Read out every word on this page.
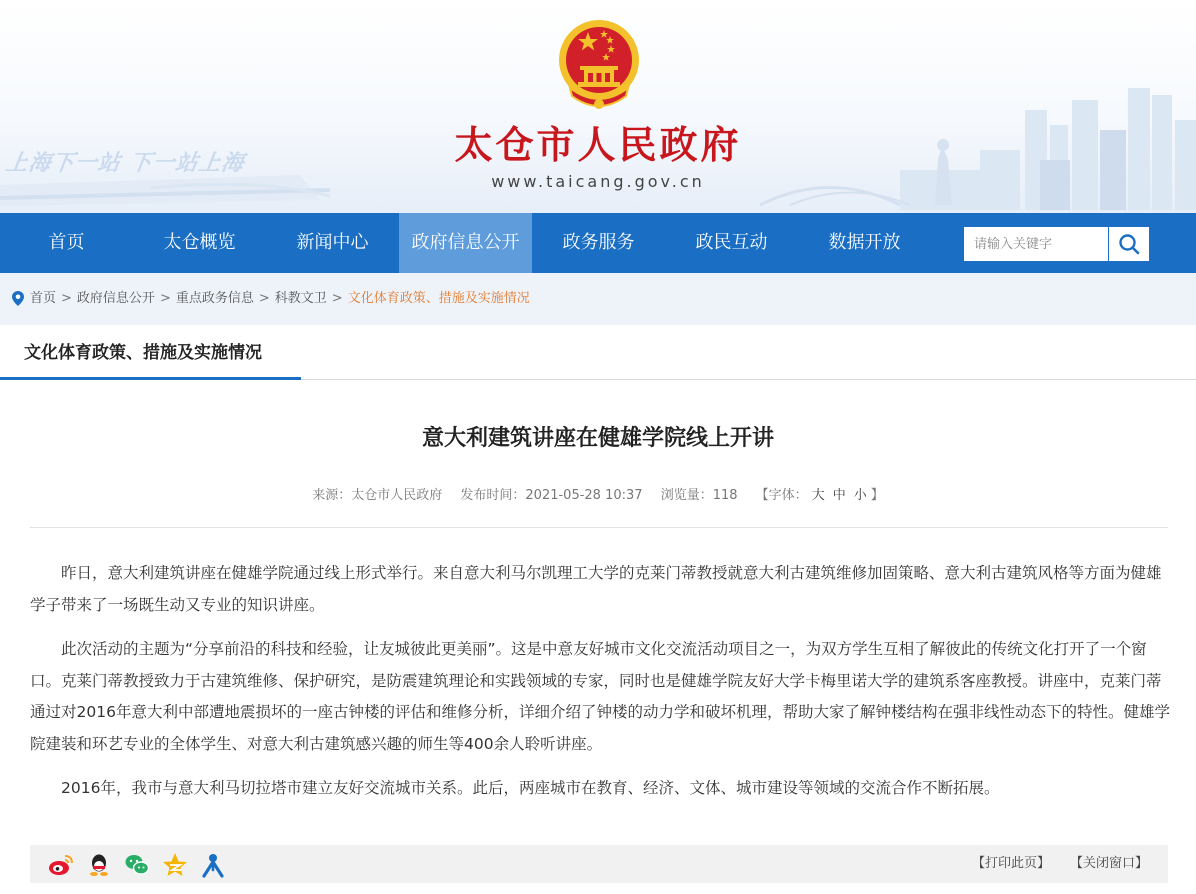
上海下一站 下一站上海	太仓市人民政府
www.taicang.gov.cn
首页	太仓概览	新闻中心	政府信息公开	政务服务	政民互动	数据开放
请输入关键字
首页 > 政府信息公开 > 重点政务信息 > 科教文卫 > 文化体育政策、措施及实施情况
文化体育政策、措施及实施情况
意大利建筑讲座在健雄学院线上开讲
来源：太仓市人民政府 发布时间：2021-05-28 10:37 浏览量：118 【字体： 大 中 小 】

昨日，意大利建筑讲座在健雄学院通过线上形式举行。来自意大利马尔凯理工大学的克莱门蒂教授就意大利古建筑维修加固策略、意大利古建筑风格等方面为健雄学子带来了一场既生动又专业的知识讲座。

此次活动的主题为“分享前沿的科技和经验，让友城彼此更美丽”。这是中意友好城市文化交流活动项目之一，为双方学生互相了解彼此的传统文化打开了一个窗口。克莱门蒂教授致力于古建筑维修、保护研究，是防震建筑理论和实践领域的专家，同时也是健雄学院友好大学卡梅里诺大学的建筑系客座教授。讲座中，克莱门蒂通过对2016年意大利中部遭地震损坏的一座古钟楼的评估和维修分析，详细介绍了钟楼的动力学和破坏机理，帮助大家了解钟楼结构在强非线性动态下的特性。健雄学院建装和环艺专业的全体学生、对意大利古建筑感兴趣的师生等400余人聆听讲座。

2016年，我市与意大利马切拉塔市建立友好交流城市关系。此后，两座城市在教育、经济、文体、城市建设等领域的交流合作不断拓展。

【打印此页】 【关闭窗口】
